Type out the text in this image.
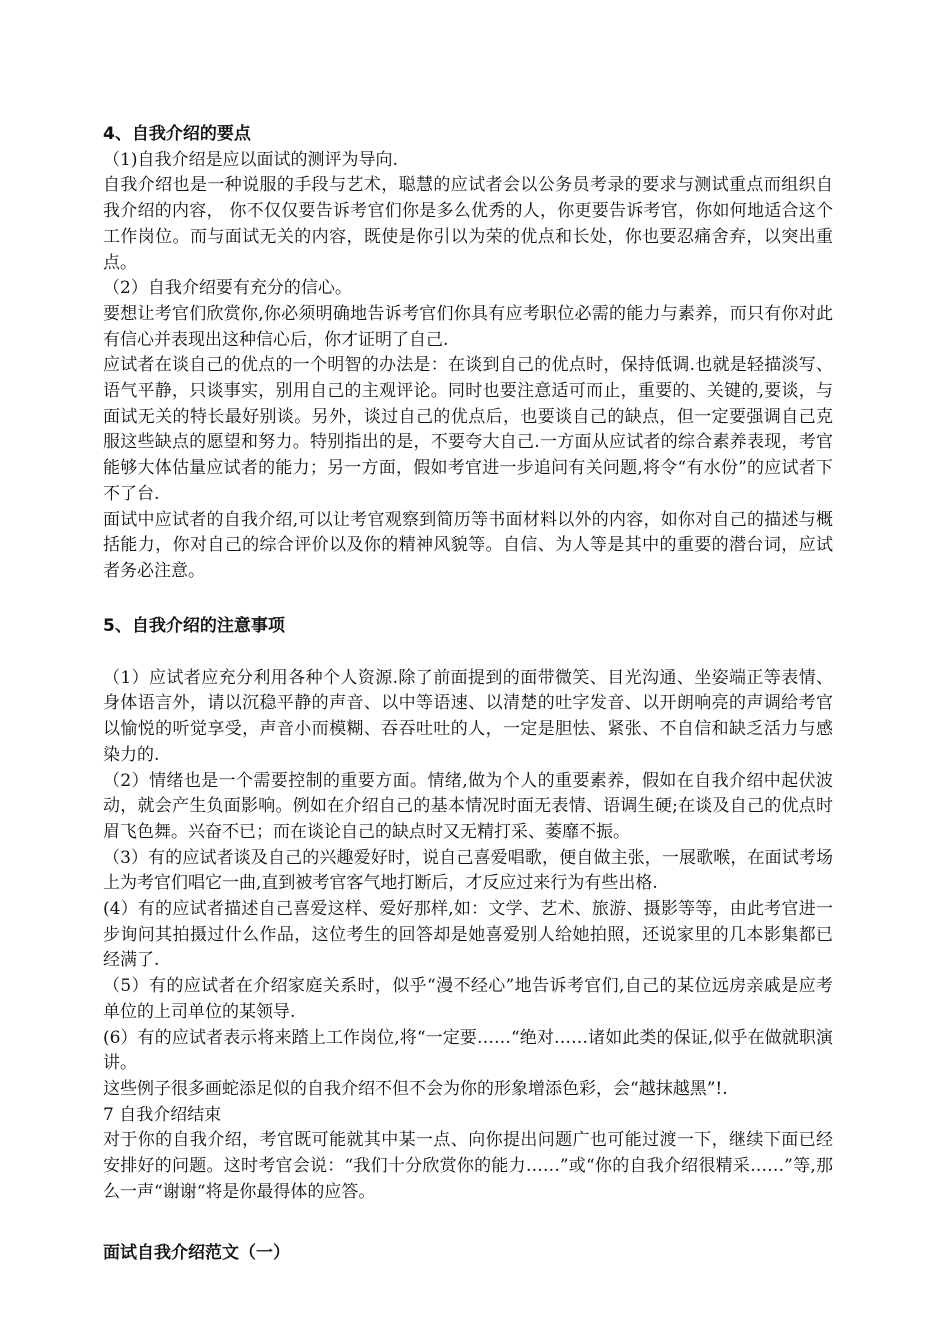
4、自我介绍的要点

（1)自我介绍是应以面试的测评为导向.

自我介绍也是一种说服的手段与艺术，聪慧的应试者会以公务员考录的要求与测试重点而组织自我介绍的内容， 你不仅仅要告诉考官们你是多么优秀的人，你更要告诉考官，你如何地适合这个工作岗位。而与面试无关的内容，既使是你引以为荣的优点和长处，你也要忍痛舍弃，以突出重点。

（2）自我介绍要有充分的信心。

要想让考官们欣赏你,你必须明确地告诉考官们你具有应考职位必需的能力与素养，而只有你对此有信心并表现出这种信心后，你才证明了自己.

应试者在谈自己的优点的一个明智的办法是：在谈到自己的优点时，保持低调.也就是轻描淡写、语气平静，只谈事实，别用自己的主观评论。同时也要注意适可而止，重要的、关键的,要谈，与面试无关的特长最好别谈。另外，谈过自己的优点后，也要谈自己的缺点，但一定要强调自己克服这些缺点的愿望和努力。特别指出的是，不要夸大自己.一方面从应试者的综合素养表现，考官能够大体估量应试者的能力；另一方面，假如考官进一步追问有关问题,将令“有水份”的应试者下不了台.

面试中应试者的自我介绍,可以让考官观察到简历等书面材料以外的内容，如你对自己的描述与概括能力，你对自己的综合评价以及你的精神风貌等。自信、为人等是其中的重要的潜台词，应试者务必注意。

5、自我介绍的注意事项

（1）应试者应充分利用各种个人资源.除了前面提到的面带微笑、目光沟通、坐姿端正等表情、身体语言外，请以沉稳平静的声音、以中等语速、以清楚的吐字发音、以开朗响亮的声调给考官以愉悦的听觉享受，声音小而模糊、吞吞吐吐的人，一定是胆怯、紧张、不自信和缺乏活力与感染力的.

（2）情绪也是一个需要控制的重要方面。情绪,做为个人的重要素养，假如在自我介绍中起伏波动，就会产生负面影响。例如在介绍自己的基本情况时面无表情、语调生硬;在谈及自己的优点时眉飞色舞。兴奋不已；而在谈论自己的缺点时又无精打采、萎靡不振。

（3）有的应试者谈及自己的兴趣爱好时，说自己喜爱唱歌，便自做主张，一展歌喉，在面试考场上为考官们唱它一曲,直到被考官客气地打断后，才反应过来行为有些出格.

(4）有的应试者描述自己喜爱这样、爱好那样,如：文学、艺术、旅游、摄影等等，由此考官进一步询问其拍摄过什么作品，这位考生的回答却是她喜爱别人给她拍照，还说家里的几本影集都已经满了.

（5）有的应试者在介绍家庭关系时，似乎“漫不经心”地告诉考官们,自己的某位远房亲戚是应考单位的上司单位的某领导.

(6）有的应试者表示将来踏上工作岗位,将“一定要……“绝对……诸如此类的保证,似乎在做就职演讲。

这些例子很多画蛇添足似的自我介绍不但不会为你的形象增添色彩，会“越抹越黑”!.

7 自我介绍结束

对于你的自我介绍，考官既可能就其中某一点、向你提出问题广也可能过渡一下，继续下面已经安排好的问题。这时考官会说：“我们十分欣赏你的能力……”或“你的自我介绍很精采……”等,那么一声“谢谢“将是你最得体的应答。

面试自我介绍范文（一）
